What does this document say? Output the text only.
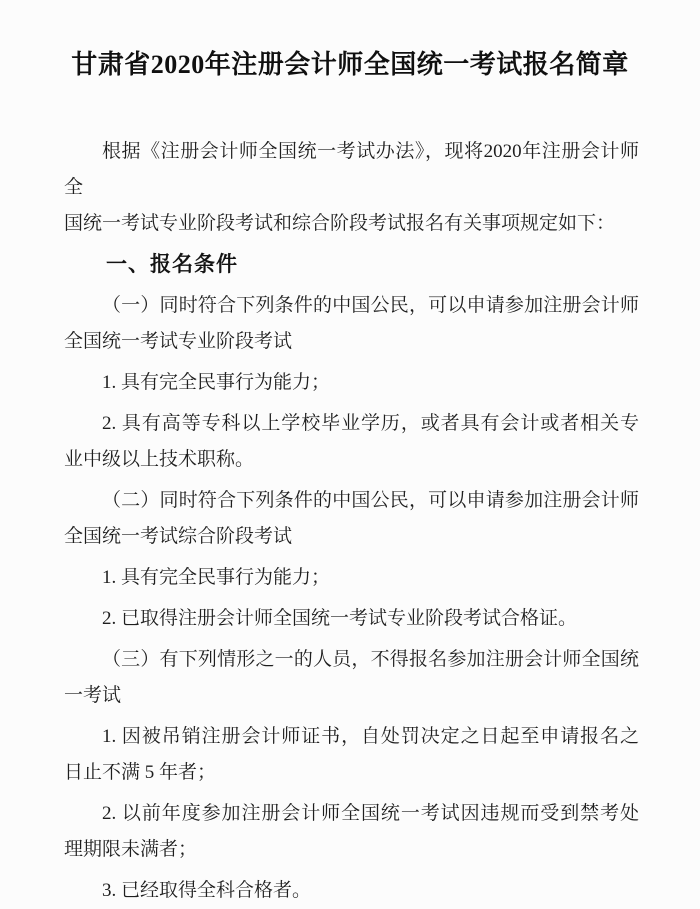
甘肃省2020年注册会计师全国统一考试报名简章

根据《注册会计师全国统一考试办法》，现将2020年注册会计师全
国统一考试专业阶段考试和综合阶段考试报名有关事项规定如下：

一、报名条件

（一）同时符合下列条件的中国公民，可以申请参加注册会计师
全国统一考试专业阶段考试

1. 具有完全民事行为能力；

2. 具有高等专科以上学校毕业学历，或者具有会计或者相关专
业中级以上技术职称。

（二）同时符合下列条件的中国公民，可以申请参加注册会计师
全国统一考试综合阶段考试

1. 具有完全民事行为能力；

2. 已取得注册会计师全国统一考试专业阶段考试合格证。

（三）有下列情形之一的人员，不得报名参加注册会计师全国统
一考试

1. 因被吊销注册会计师证书，自处罚决定之日起至申请报名之
日止不满 5 年者；

2. 以前年度参加注册会计师全国统一考试因违规而受到禁考处
理期限未满者；

3. 已经取得全科合格者。
